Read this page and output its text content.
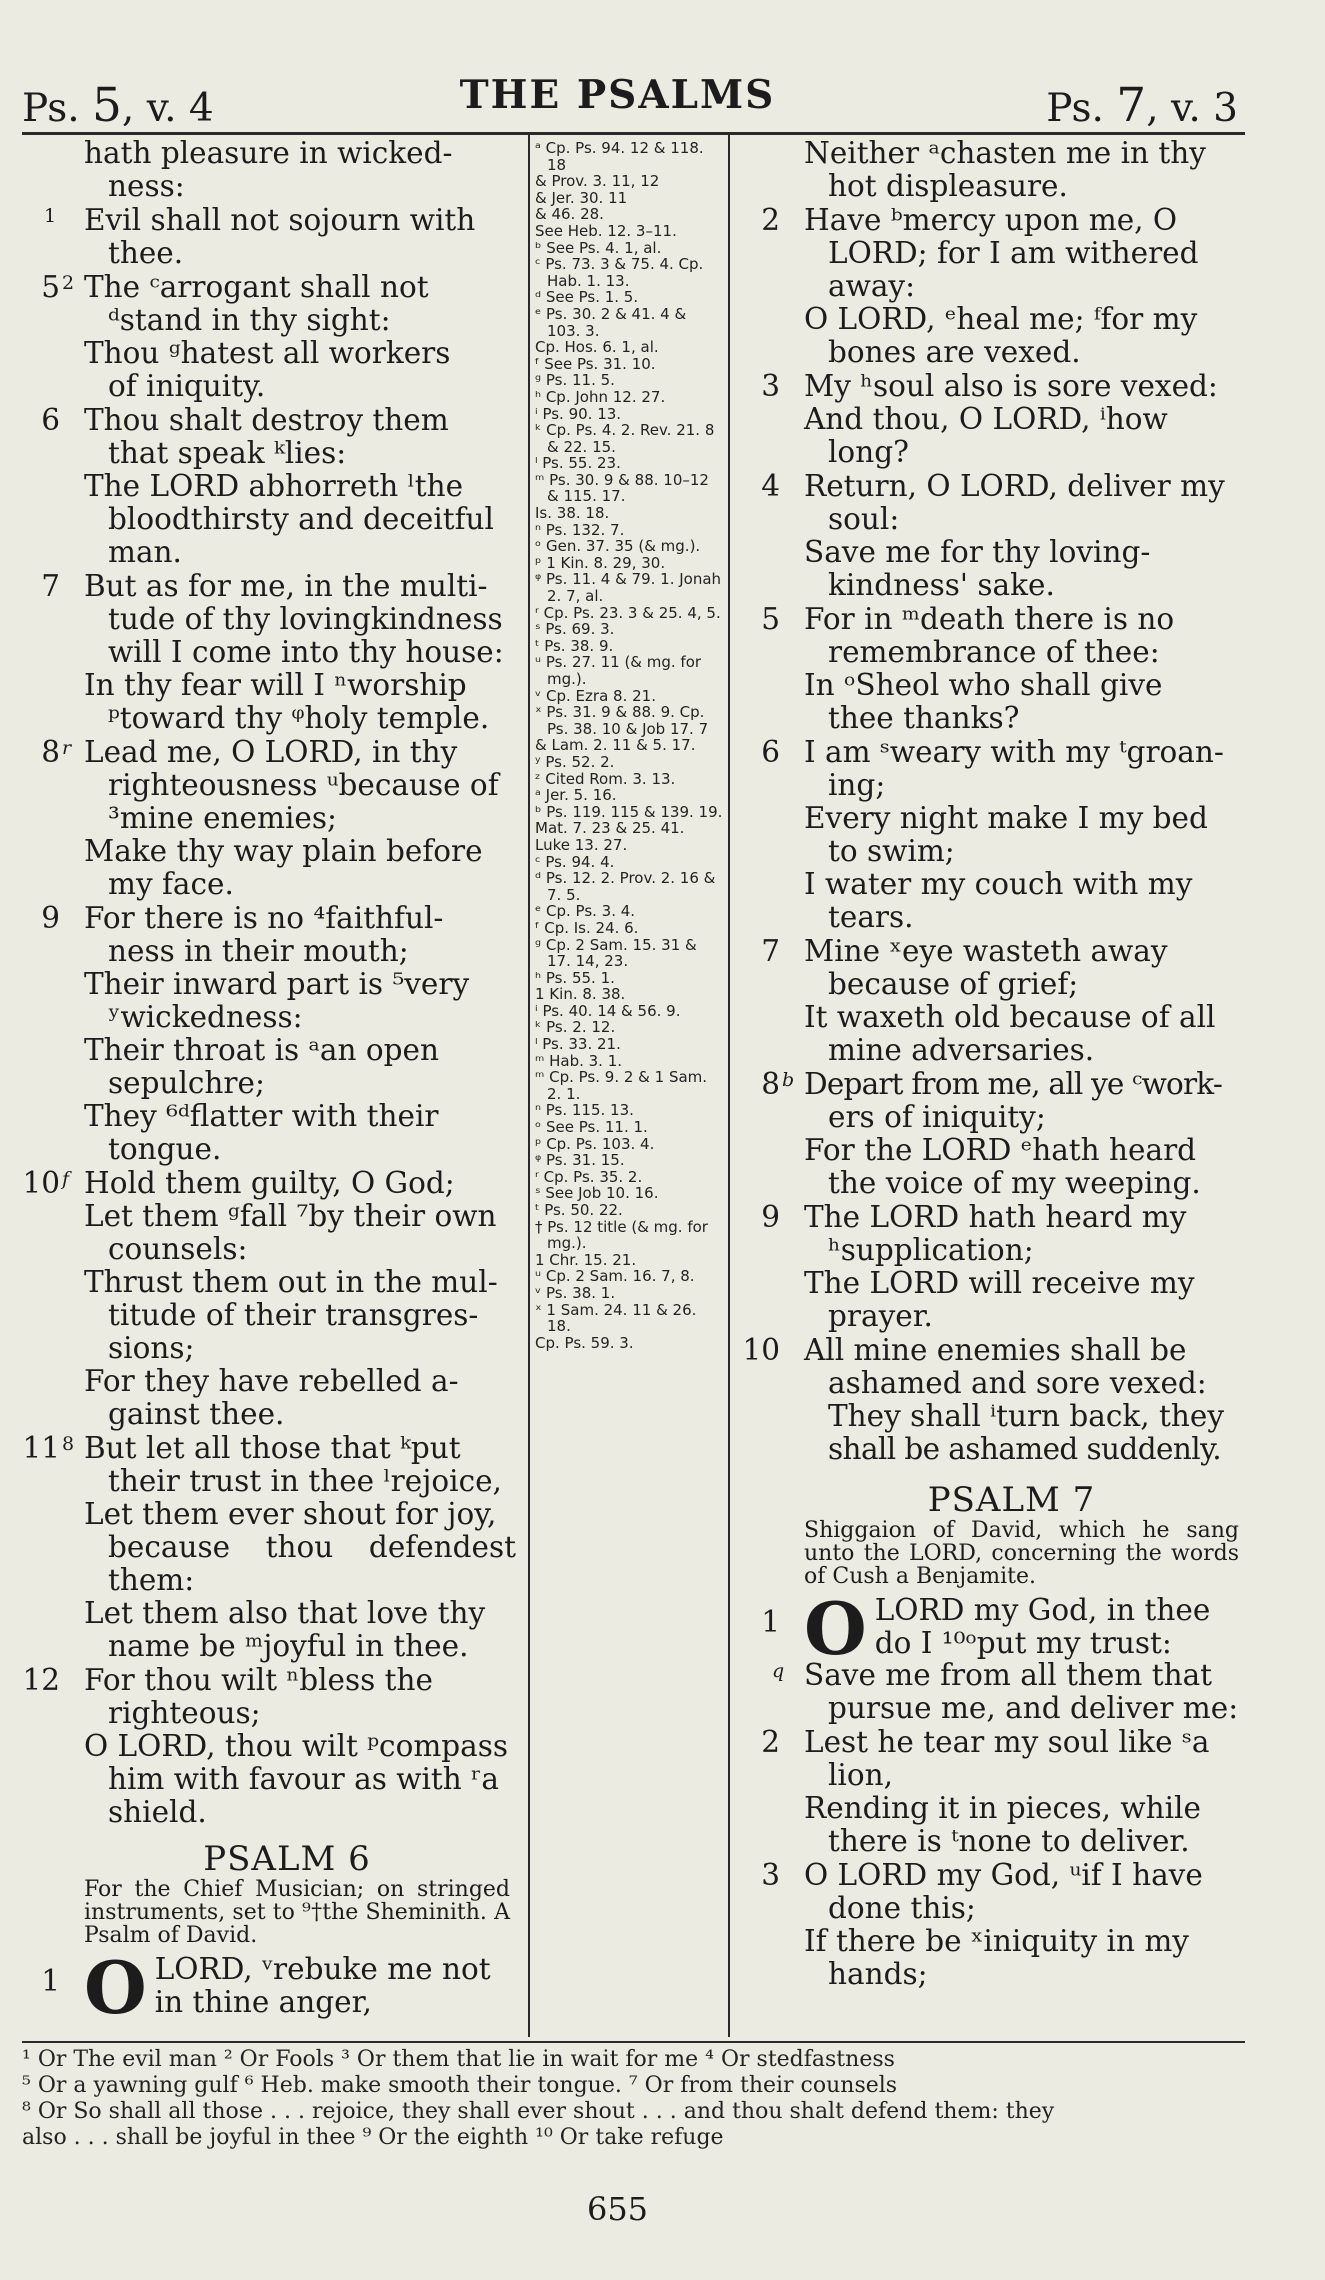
Ps. 5, v. 4	THE PSALMS	Ps. 7, v. 3
hath pleasure in wicked-
ness:
1 Evil shall not sojourn with
thee.
5 2 The ᶜarrogant shall not
ᵈstand in thy sight:
Thou ᵍhatest all workers
of iniquity.
6 Thou shalt destroy them
that speak ᵏlies:
The LORD abhorreth ˡthe
bloodthirsty and deceitful
man.
7 But as for me, in the multi-
tude of thy lovingkindness
will I come into thy house:
In thy fear will I ⁿworship
ᵖtoward thy ᵠholy temple.
8 r Lead me, O LORD, in thy
righteousness ᵘbecause of
³mine enemies;
Make thy way plain before
my face.
9 For there is no ⁴faithful-
ness in their mouth;
Their inward part is ⁵very
ʸwickedness:
Their throat is ᵃan open
sepulchre;
They ⁶ᵈflatter with their
tongue.
10 f Hold them guilty, O God;
Let them ᵍfall ⁷by their own
counsels:
Thrust them out in the mul-
titude of their transgres-
sions;
For they have rebelled a-
gainst thee.
11 8 But let all those that ᵏput
their trust in thee ˡrejoice,
Let them ever shout for joy,
because thou defendest
them:
Let them also that love thy
name be ᵐjoyful in thee.
12 For thou wilt ⁿbless the
righteous;
O LORD, thou wilt ᵖcompass
him with favour as with ʳa
shield.
PSALM 6
For the Chief Musician; on stringed instruments, set to ⁹†the Sheminith. A Psalm of David.
1 O LORD, ᵛrebuke me not
in thine anger,
ᵃ Cp. Ps. 94. 12 & 118. 18
& Prov. 3. 11, 12
& Jer. 30. 11
& 46. 28.
See Heb. 12. 3–11.
ᵇ See Ps. 4. 1, al.
ᶜ Ps. 73. 3 & 75. 4. Cp. Hab. 1. 13.
ᵈ See Ps. 1. 5.
ᵉ Ps. 30. 2 & 41. 4 & 103. 3.
Cp. Hos. 6. 1, al.
ᶠ See Ps. 31. 10.
ᵍ Ps. 11. 5.
ʰ Cp. John 12. 27.
ⁱ Ps. 90. 13.
ᵏ Cp. Ps. 4. 2. Rev. 21. 8 & 22. 15.
ˡ Ps. 55. 23.
ᵐ Ps. 30. 9 & 88. 10–12 & 115. 17.
Is. 38. 18.
ⁿ Ps. 132. 7.
ᵒ Gen. 37. 35 (& mg.).
ᵖ 1 Kin. 8. 29, 30.
ᵠ Ps. 11. 4 & 79. 1. Jonah 2. 7, al.
ʳ Cp. Ps. 23. 3 & 25. 4, 5.
ˢ Ps. 69. 3.
ᵗ Ps. 38. 9.
ᵘ Ps. 27. 11 (& mg. for mg.).
ᵛ Cp. Ezra 8. 21.
ˣ Ps. 31. 9 & 88. 9. Cp. Ps. 38. 10 & Job 17. 7
& Lam. 2. 11 & 5. 17.
ʸ Ps. 52. 2.
ᶻ Cited Rom. 3. 13.
ᵃ Jer. 5. 16.
ᵇ Ps. 119. 115 & 139. 19.
Mat. 7. 23 & 25. 41.
Luke 13. 27.
ᶜ Ps. 94. 4.
ᵈ Ps. 12. 2. Prov. 2. 16 & 7. 5.
ᵉ Cp. Ps. 3. 4.
ᶠ Cp. Is. 24. 6.
ᵍ Cp. 2 Sam. 15. 31 & 17. 14, 23.
ʰ Ps. 55. 1.
1 Kin. 8. 38.
ⁱ Ps. 40. 14 & 56. 9.
ᵏ Ps. 2. 12.
ˡ Ps. 33. 21.
ᵐ Hab. 3. 1.
ᵐ Cp. Ps. 9. 2 & 1 Sam. 2. 1.
ⁿ Ps. 115. 13.
ᵒ See Ps. 11. 1.
ᵖ Cp. Ps. 103. 4.
ᵠ Ps. 31. 15.
ʳ Cp. Ps. 35. 2.
ˢ See Job 10. 16.
ᵗ Ps. 50. 22.
† Ps. 12 title (& mg. for mg.).
1 Chr. 15. 21.
ᵘ Cp. 2 Sam. 16. 7, 8.
ᵛ Ps. 38. 1.
ˣ 1 Sam. 24. 11 & 26. 18.
Cp. Ps. 59. 3.
Neither ᵃchasten me in thy
hot displeasure.
2 Have ᵇmercy upon me, O
LORD; for I am withered
away:
O LORD, ᵉheal me; ᶠfor my
bones are vexed.
3 My ʰsoul also is sore vexed:
And thou, O LORD, ⁱhow
long?
4 Return, O LORD, deliver my
soul:
Save me for thy loving-
kindness' sake.
5 For in ᵐdeath there is no
remembrance of thee:
In ᵒSheol who shall give
thee thanks?
6 I am ˢweary with my ᵗgroan-
ing;
Every night make I my bed
to swim;
I water my couch with my
tears.
7 Mine ˣeye wasteth away
because of grief;
It waxeth old because of all
mine adversaries.
8 b Depart from me, all ye ᶜwork-
ers of iniquity;
For the LORD ᵉhath heard
the voice of my weeping.
9 The LORD hath heard my
ʰsupplication;
The LORD will receive my
prayer.
10 All mine enemies shall be
ashamed and sore vexed:
They shall ⁱturn back, they
shall be ashamed suddenly.
PSALM 7
Shiggaion of David, which he sang unto the LORD, concerning the words of Cush a Benjamite.
1 O LORD my God, in thee
do I ¹⁰ᵒput my trust:
q Save me from all them that
pursue me, and deliver me:
2 Lest he tear my soul like ˢa
lion,
Rending it in pieces, while
there is ᵗnone to deliver.
3 O LORD my God, ᵘif I have
done this;
If there be ˣiniquity in my
hands;
¹ Or The evil man ² Or Fools ³ Or them that lie in wait for me ⁴ Or stedfastness
⁵ Or a yawning gulf ⁶ Heb. make smooth their tongue. ⁷ Or from their counsels
⁸ Or So shall all those . . . rejoice, they shall ever shout . . . and thou shalt defend them: they
also . . . shall be joyful in thee ⁹ Or the eighth ¹⁰ Or take refuge
655
